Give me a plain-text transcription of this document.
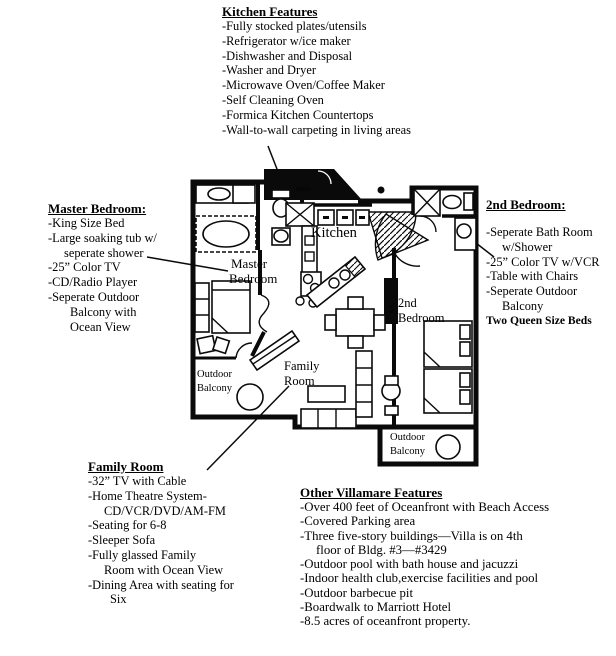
Kitchen Features
-Fully stocked plates/utensils
-Refrigerator w/ice maker
-Dishwasher and Disposal
-Washer and Dryer
-Microwave Oven/Coffee Maker
-Self Cleaning Oven
-Formica Kitchen Countertops
-Wall-to-wall carpeting in living areas
Master Bedroom:
-King Size Bed
-Large soaking tub w/
seperate shower
-25” Color TV
-CD/Radio Player
-Seperate Outdoor
Balcony with
Ocean View
2nd Bedroom:
-Seperate Bath Room
w/Shower
-25” Color TV w/VCR
-Table with Chairs
-Seperate Outdoor
Balcony
Two Queen Size Beds
Family Room
-32” TV with Cable
-Home Theatre System-
CD/VCR/DVD/AM-FM
-Seating for 6-8
-Sleeper Sofa
-Fully glassed Family
Room with Ocean View
-Dining Area with seating for
Six
Other Villamare Features
-Over 400 feet of Oceanfront with Beach Access
-Covered Parking area
-Three five-story buildings—Villa is on 4th
floor of Bldg. #3—#3429
-Outdoor pool with bath house and jacuzzi
-Indoor health club,exercise facilities and pool
-Outdoor barbecue pit
-Boardwalk to Marriott Hotel
-8.5 acres of oceanfront property.
entry
A/C
Kitchen
Master
Bedroom
2nd
Bedroom
Family
Room
Outdoor
Balcony
Outdoor
Balcony
